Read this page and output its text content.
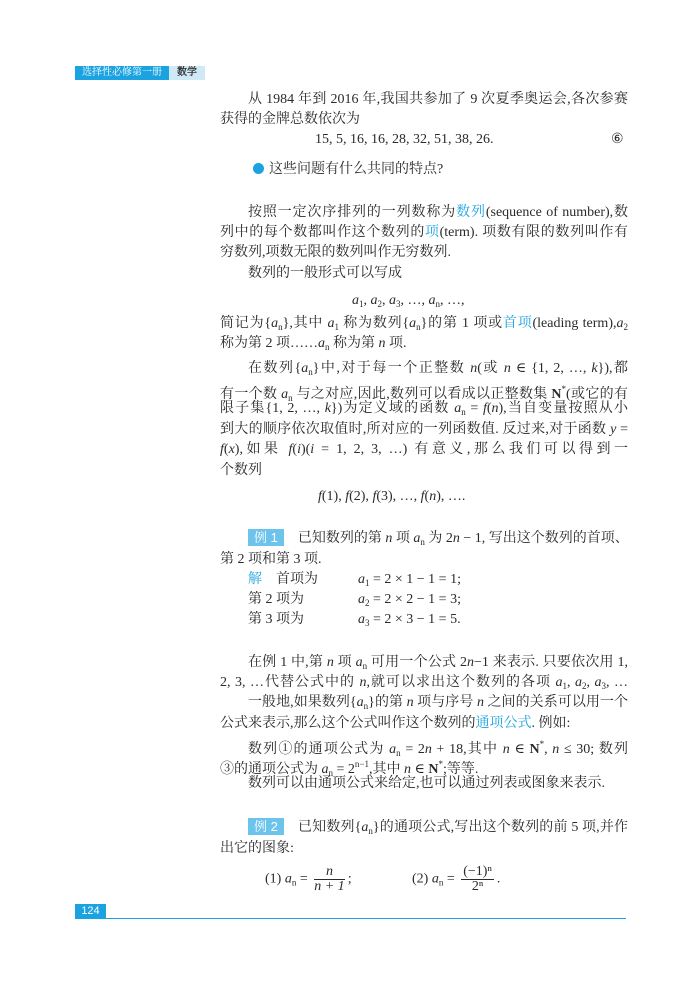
选择性必修第一册	数学
从 1984 年到 2016 年,我国共参加了 9 次夏季奥运会,各次参赛
获得的金牌总数依次为
15, 5, 16, 16, 28, 32, 51, 38, 26.
这些问题有什么共同的特点?
按照一定次序排列的一列数称为数列(sequence of number),数
列中的每个数都叫作这个数列的项(term). 项数有限的数列叫作有
穷数列,项数无限的数列叫作无穷数列.
数列的一般形式可以写成
$a_1$, $a_2$, $a_3$, …, $a_n$, …,
简记为$\{a_n\}$,其中 $a_1$ 称为数列$\{a_n\}$的第 1 项或首项(leading $term),a_2$
称为第 2 项$\dots\dots a_n$ 称为第 n 项.
在数列$\{a_n\}$中,对于每一个正整数 n(或 n ∈ {1, 2, …, k}),都
有一个数 $a_n$ 与之对应,因此,数列可以看成以正整数集 N*(或它的有
限子集{1, 2, …, k})为定义域的函数 $a_n = f(n)$,当自变量按照从小
到大的顺序依次取值时,所对应的一列函数值. 反过来,对于函数 y =
f(x),如果 f(i)(i = 1, 2, 3, …) 有意义,那么我们可以得到一
个数列
f(1), f(2), f(3), …, f(n), ….
例 1 已知数列的第 n 项 $a_n$ 为 2n − 1, 写出这个数列的首项、
第 2 项和第 3 项.
解　首项为
第 2 项为
第 3 项为
$a_1 = 2 \times 1 - 1 = 1$;
$a_2 = 2 \times 2 - 1 = 3$;
$a_3 = 2 \times 3 - 1 = 5$.
在例 1 中,第 n 项 $a_n$ 可用一个公式 2n−1 来表示. 只要依次用 1,
2, 3, …代替公式中的 n,就可以求出这个数列的各项 $a_1$, $a_2$, $a_3$, …
一般地,如果数列$\{a_n\}$的第 n 项与序号 n 之间的关系可以用一个
公式来表示,那么这个公式叫作这个数列的通项公式. 例如:
数列①的通项公式为 $a_n = 2n + 18$,其中 n ∈ N*, n ≤ 30; 数列
③的通项公式为 $a_n = 2^{n-1}$,其中 n ∈ N*;等等.
数列可以由通项公式来给定,也可以通过列表或图象来表示.
例 2 已知数列$\{a_n\}$的通项公式,写出这个数列的前 5 项,并作
出它的图象:
⑥
(1) $a_n = \frac{n}{n + 1}$ ;	(2) $a_n = \frac{\text{(−1)ⁿ}}{\text{2ⁿ}}$ .
124
